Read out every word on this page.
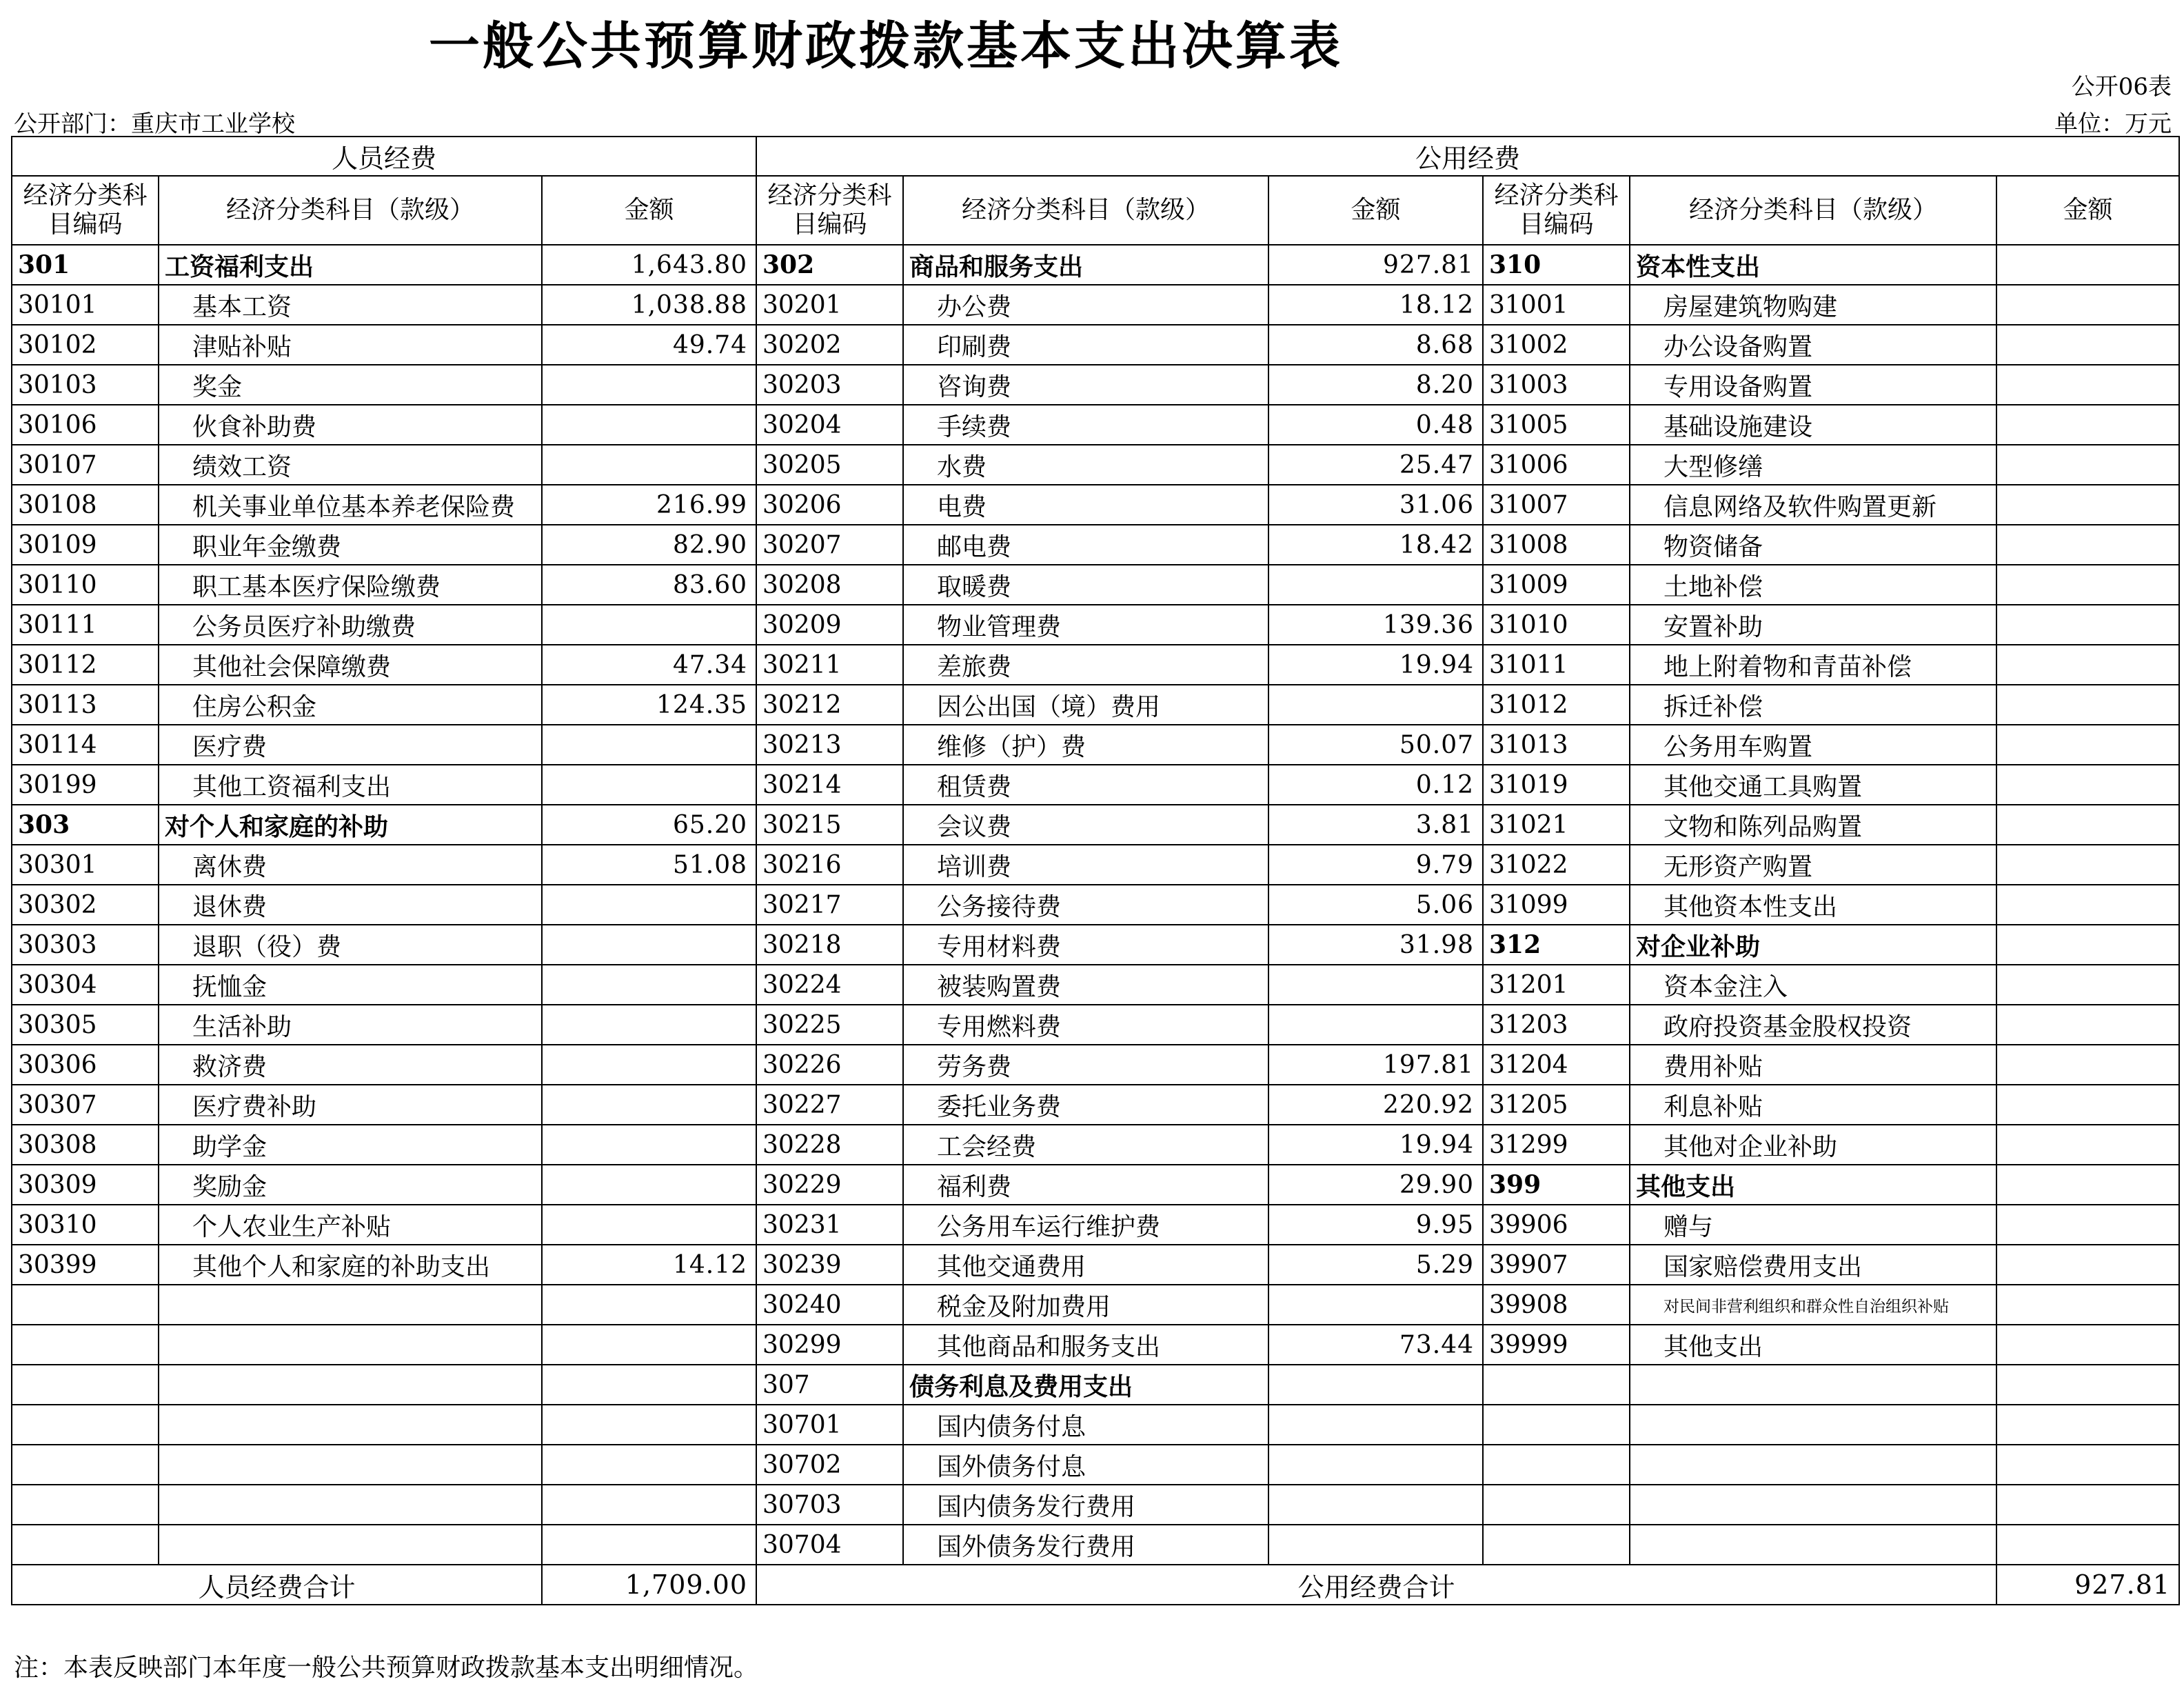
一般公共预算财政拨款基本支出决算表
公开06表
公开部门：重庆市工业学校	单位：万元
人员经费			公用经费					
经济分类科目编码	经济分类科目（款级）	金额	经济分类科目编码	经济分类科目（款级）	金额	经济分类科目编码	经济分类科目（款级）	金额
301	工资福利支出	1,643.80	302	商品和服务支出	927.81	310	资本性支出	
30101	基本工资	1,038.88	30201	办公费	18.12	31001	房屋建筑物购建	
30102	津贴补贴	49.74	30202	印刷费	8.68	31002	办公设备购置	
30103	奖金		30203	咨询费	8.20	31003	专用设备购置	
30106	伙食补助费		30204	手续费	0.48	31005	基础设施建设	
30107	绩效工资		30205	水费	25.47	31006	大型修缮	
30108	机关事业单位基本养老保险费	216.99	30206	电费	31.06	31007	信息网络及软件购置更新	
30109	职业年金缴费	82.90	30207	邮电费	18.42	31008	物资储备	
30110	职工基本医疗保险缴费	83.60	30208	取暖费		31009	土地补偿	
30111	公务员医疗补助缴费		30209	物业管理费	139.36	31010	安置补助	
30112	其他社会保障缴费	47.34	30211	差旅费	19.94	31011	地上附着物和青苗补偿	
30113	住房公积金	124.35	30212	因公出国（境）费用		31012	拆迁补偿	
30114	医疗费		30213	维修（护）费	50.07	31013	公务用车购置	
30199	其他工资福利支出		30214	租赁费	0.12	31019	其他交通工具购置	
303	对个人和家庭的补助	65.20	30215	会议费	3.81	31021	文物和陈列品购置	
30301	离休费	51.08	30216	培训费	9.79	31022	无形资产购置	
30302	退休费		30217	公务接待费	5.06	31099	其他资本性支出	
30303	退职（役）费		30218	专用材料费	31.98	312	对企业补助	
30304	抚恤金		30224	被装购置费		31201	资本金注入	
30305	生活补助		30225	专用燃料费		31203	政府投资基金股权投资	
30306	救济费		30226	劳务费	197.81	31204	费用补贴	
30307	医疗费补助		30227	委托业务费	220.92	31205	利息补贴	
30308	助学金		30228	工会经费	19.94	31299	其他对企业补助	
30309	奖励金		30229	福利费	29.90	399	其他支出	
30310	个人农业生产补贴		30231	公务用车运行维护费	9.95	39906	赠与	
30399	其他个人和家庭的补助支出	14.12	30239	其他交通费用	5.29	39907	国家赔偿费用支出	
			30240	税金及附加费用		39908	对民间非营利组织和群众性自治组织补贴	
			30299	其他商品和服务支出	73.44	39999	其他支出	
			307	债务利息及费用支出				
			30701	国内债务付息				
			30702	国外债务付息				
			30703	国内债务发行费用				
			30704	国外债务发行费用				
人员经费合计		1,709.00	公用经费合计					927.81
注：本表反映部门本年度一般公共预算财政拨款基本支出明细情况。
